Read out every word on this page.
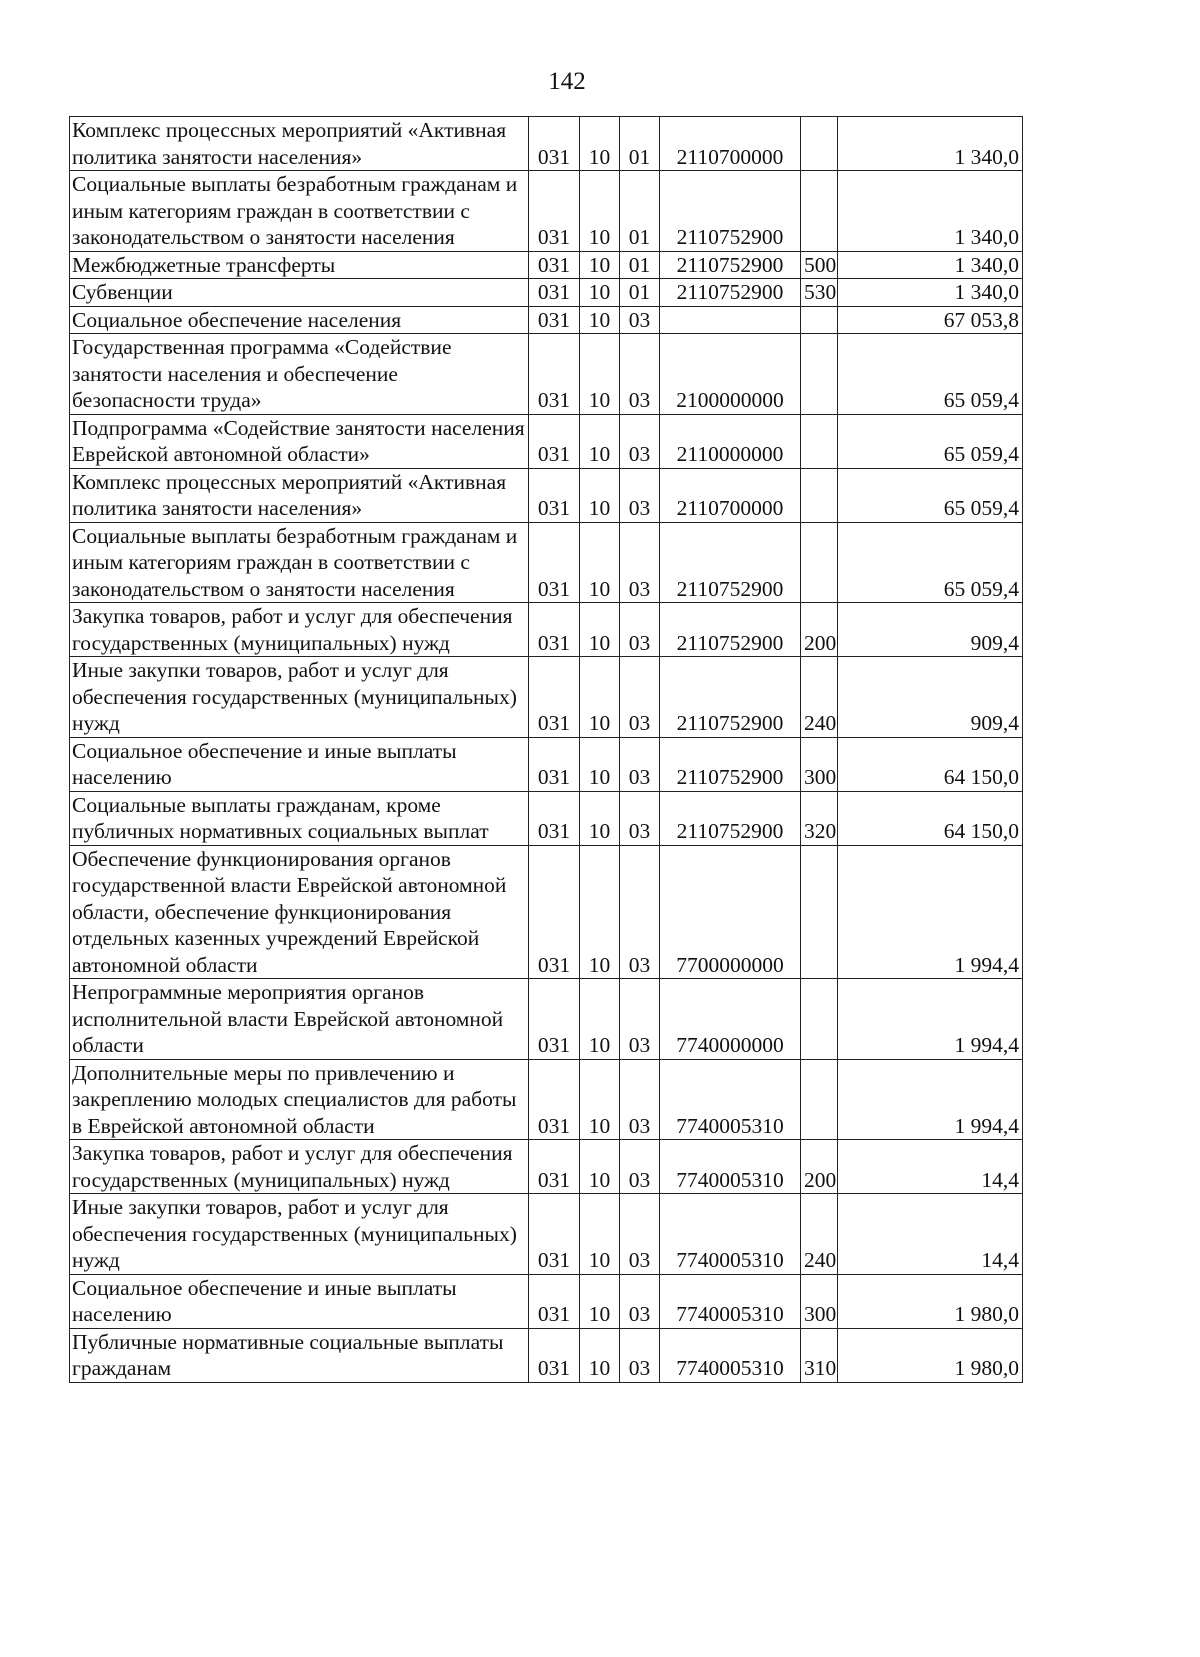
142
Комплекс процессных мероприятий «Активная политика занятости населения»	031	10	01	2110700000		1 340,0
Социальные выплаты безработным гражданам и иным категориям граждан в соответствии с законодательством о занятости населения	031	10	01	2110752900		1 340,0
Межбюджетные трансферты	031	10	01	2110752900	500	1 340,0
Субвенции	031	10	01	2110752900	530	1 340,0
Социальное обеспечение населения	031	10	03			67 053,8
Государственная программа «Содействие занятости населения и обеспечение безопасности труда»	031	10	03	2100000000		65 059,4
Подпрограмма «Содействие занятости населения Еврейской автономной области»	031	10	03	2110000000		65 059,4
Комплекс процессных мероприятий «Активная политика занятости населения»	031	10	03	2110700000		65 059,4
Социальные выплаты безработным гражданам и иным категориям граждан в соответствии с законодательством о занятости населения	031	10	03	2110752900		65 059,4
Закупка товаров, работ и услуг для обеспечения государственных (муниципальных) нужд	031	10	03	2110752900	200	909,4
Иные закупки товаров, работ и услуг для обеспечения государственных (муниципальных) нужд	031	10	03	2110752900	240	909,4
Социальное обеспечение и иные выплаты населению	031	10	03	2110752900	300	64 150,0
Социальные выплаты гражданам, кроме публичных нормативных социальных выплат	031	10	03	2110752900	320	64 150,0
Обеспечение функционирования органов государственной власти Еврейской автономной области, обеспечение функционирования отдельных казенных учреждений Еврейской автономной области	031	10	03	7700000000		1 994,4
Непрограммные мероприятия органов исполнительной власти Еврейской автономной области	031	10	03	7740000000		1 994,4
Дополнительные меры по привлечению и закреплению молодых специалистов для работы в Еврейской автономной области	031	10	03	7740005310		1 994,4
Закупка товаров, работ и услуг для обеспечения государственных (муниципальных) нужд	031	10	03	7740005310	200	14,4
Иные закупки товаров, работ и услуг для обеспечения государственных (муниципальных) нужд	031	10	03	7740005310	240	14,4
Социальное обеспечение и иные выплаты населению	031	10	03	7740005310	300	1 980,0
Публичные нормативные социальные выплаты гражданам	031	10	03	7740005310	310	1 980,0
